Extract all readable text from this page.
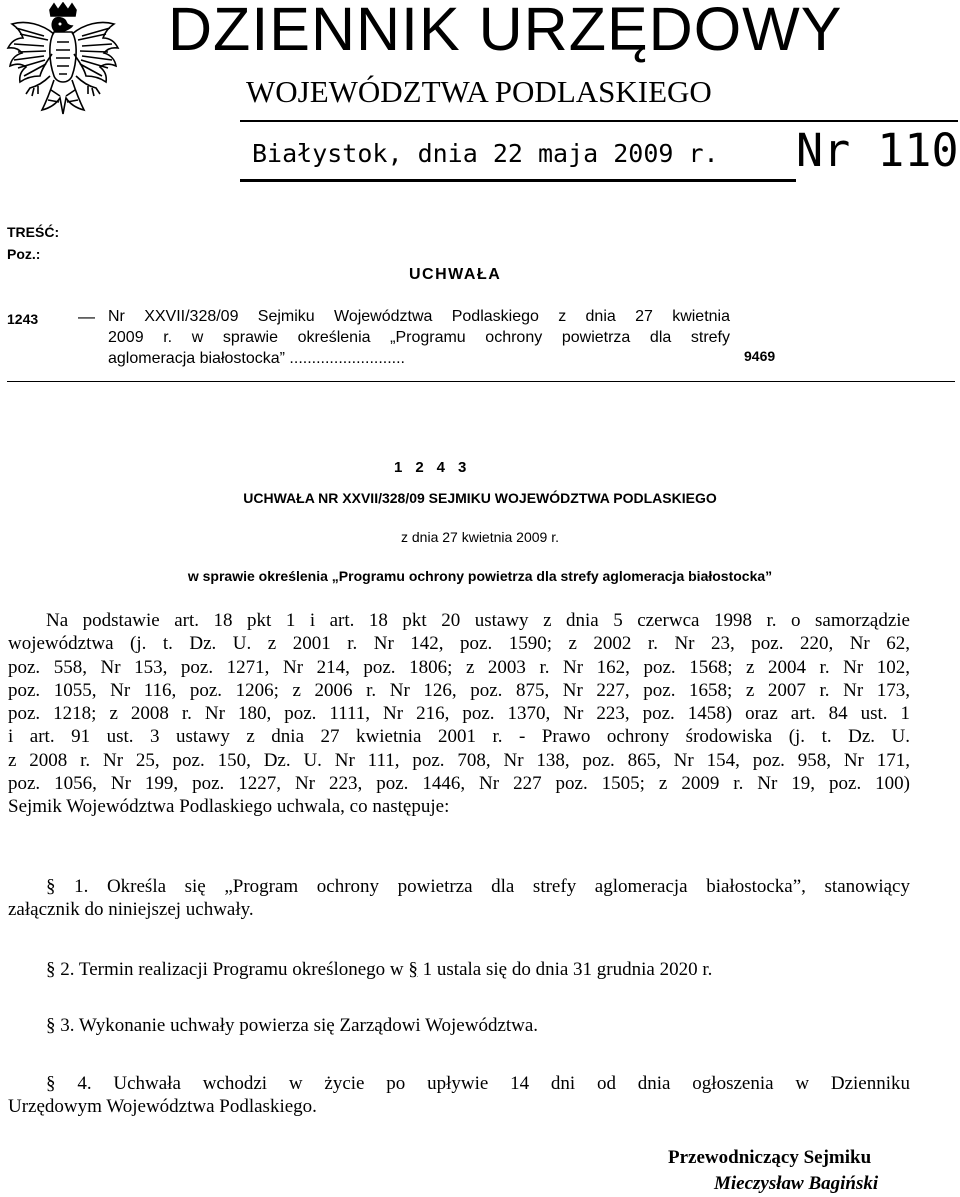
DZIENNIK URZĘDOWY
WOJEWÓDZTWA PODLASKIEGO
Białystok, dnia 22 maja 2009 r. Nr 110
TREŚĆ:
Poz.:
UCHWAŁA
1243 — Nr XXVII/328/09 Sejmiku Województwa Podlaskiego z dnia 27 kwietnia
2009 r. w sprawie określenia „Programu ochrony powietrza dla strefy
aglomeracja białostocka” ..........................	9469
1243
UCHWAŁA NR XXVII/328/09 SEJMIKU WOJEWÓDZTWA PODLASKIEGO
z dnia 27 kwietnia 2009 r.
w sprawie określenia „Programu ochrony powietrza dla strefy aglomeracja białostocka”
Na podstawie art. 18 pkt 1 i art. 18 pkt 20 ustawy z dnia 5 czerwca 1998 r. o samorządzie
województwa (j. t. Dz. U. z 2001 r. Nr 142, poz. 1590; z 2002 r. Nr 23, poz. 220, Nr 62,
poz. 558, Nr 153, poz. 1271, Nr 214, poz. 1806; z 2003 r. Nr 162, poz. 1568; z 2004 r. Nr 102,
poz. 1055, Nr 116, poz. 1206; z 2006 r. Nr 126, poz. 875, Nr 227, poz. 1658; z 2007 r. Nr 173,
poz. 1218; z 2008 r. Nr 180, poz. 1111, Nr 216, poz. 1370, Nr 223, poz. 1458) oraz art. 84 ust. 1
i art. 91 ust. 3 ustawy z dnia 27 kwietnia 2001 r. - Prawo ochrony środowiska (j. t. Dz. U.
z 2008 r. Nr 25, poz. 150, Dz. U. Nr 111, poz. 708, Nr 138, poz. 865, Nr 154, poz. 958, Nr 171,
poz. 1056, Nr 199, poz. 1227, Nr 223, poz. 1446, Nr 227 poz. 1505; z 2009 r. Nr 19, poz. 100)
Sejmik Województwa Podlaskiego uchwala, co następuje:
§ 1. Określa się „Program ochrony powietrza dla strefy aglomeracja białostocka”, stanowiący
załącznik do niniejszej uchwały.
§ 2. Termin realizacji Programu określonego w § 1 ustala się do dnia 31 grudnia 2020 r.
§ 3. Wykonanie uchwały powierza się Zarządowi Województwa.
§ 4. Uchwała wchodzi w życie po upływie 14 dni od dnia ogłoszenia w Dzienniku
Urzędowym Województwa Podlaskiego.
Przewodniczący Sejmiku
Mieczysław Bagiński
